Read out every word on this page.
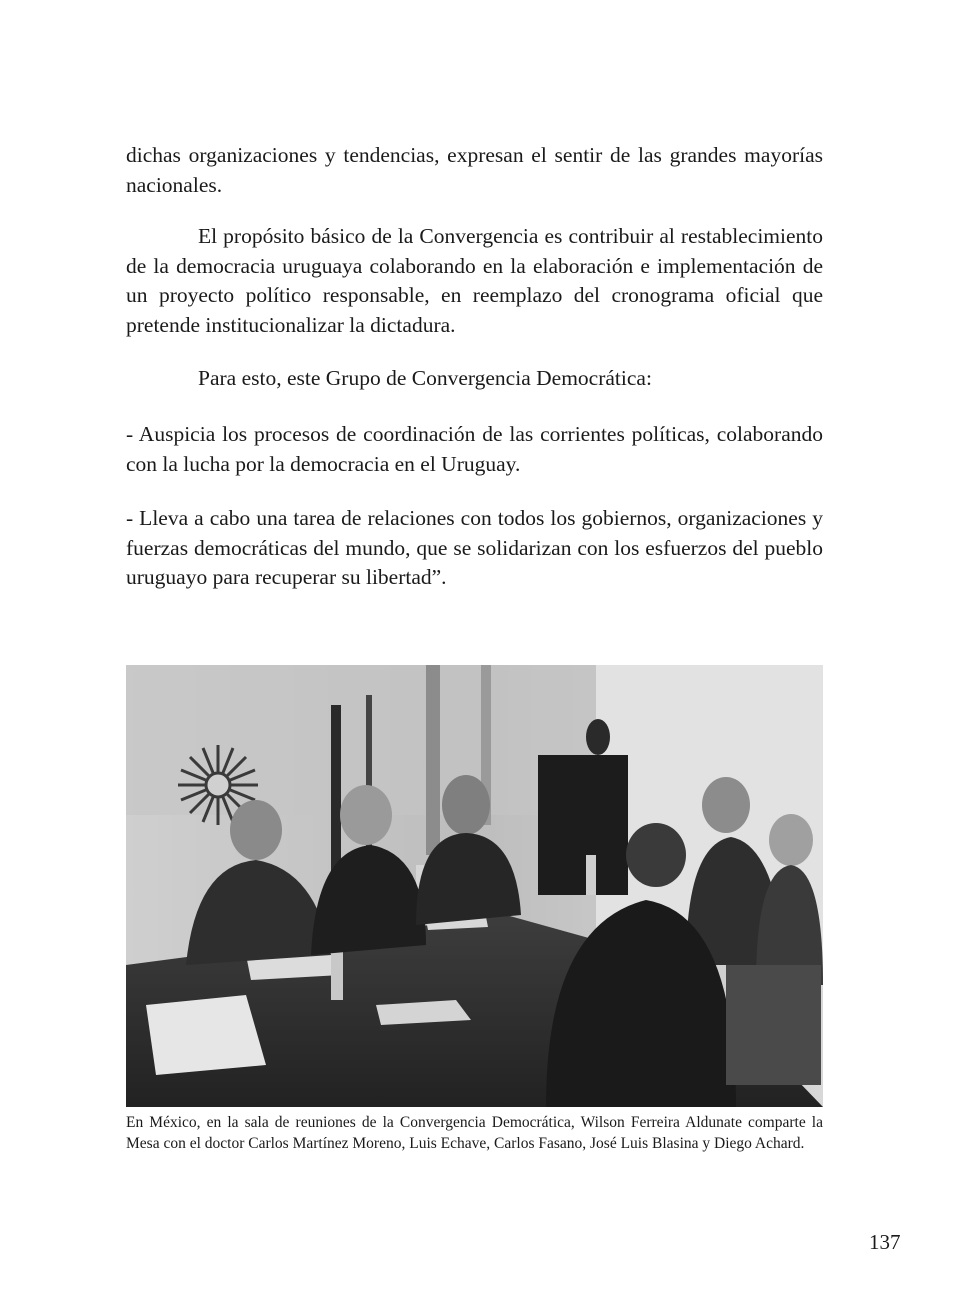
dichas organizaciones y tendencias, expresan el sentir de las grandes mayorías nacionales.

El propósito básico de la Convergencia es contribuir al restablecimiento de la democracia uruguaya colaborando en la elaboración e implementación de un proyecto político responsable, en reemplazo del cronograma oficial que pretende institucionalizar la dictadura.

Para esto, este Grupo de Convergencia Democrática:

- Auspicia los procesos de coordinación de las corrientes políticas, colaborando con la lucha por la democracia en el Uruguay.

- Lleva a cabo una tarea de relaciones con todos los gobiernos, organizaciones y fuerzas democráticas del mundo, que se solidarizan con los esfuerzos del pueblo uruguayo para recuperar su libertad”.

En México, en la sala de reuniones de la Convergencia Democrática, Wilson Ferreira Aldunate comparte la Mesa con el doctor Carlos Martínez Moreno, Luis Echave, Carlos Fasano, José Luis Blasina y Diego Achard.
137
